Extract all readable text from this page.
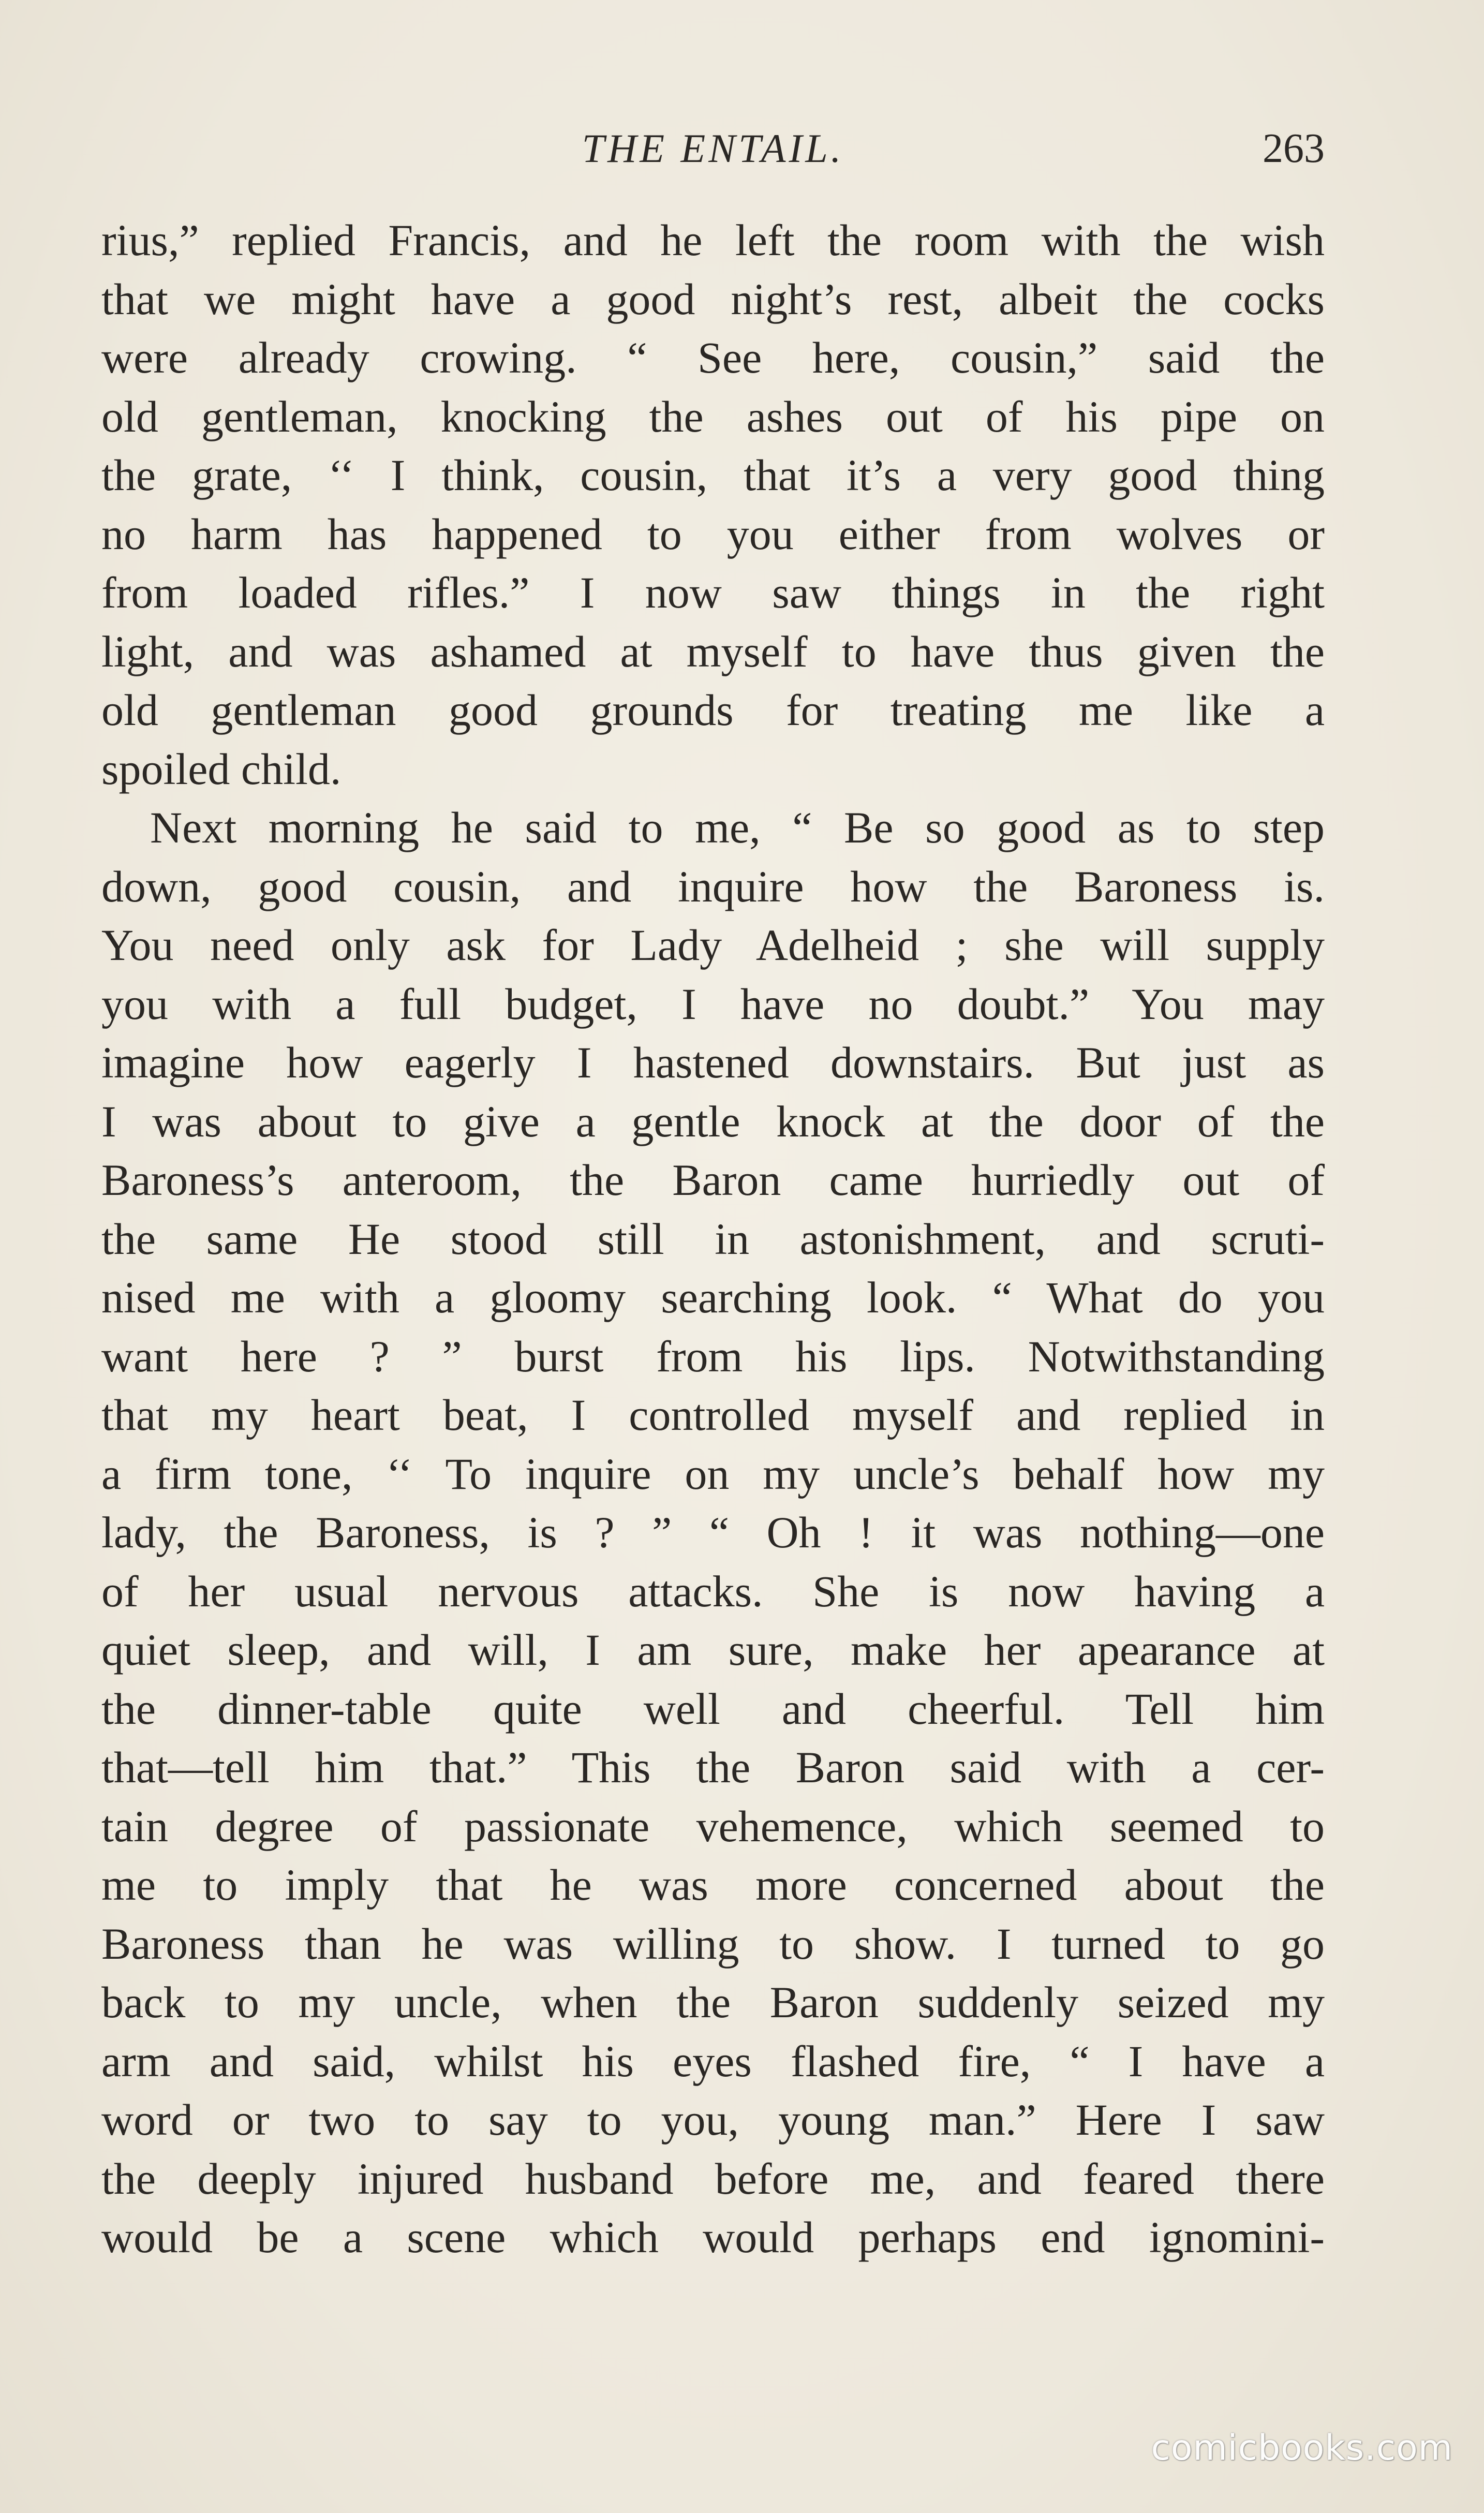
THE ENTAIL.	263
rius,” replied Francis, and he left the room with the wish
that we might have a good night’s rest, albeit the cocks
were already crowing. “ See here, cousin,” said the
old gentleman, knocking the ashes out of his pipe on
the grate, ‘‘ I think, cousin, that it’s a very good thing
no harm has happened to you either from wolves or
from loaded rifles.” I now saw things in the right
light, and was ashamed at myself to have thus given the
old gentleman good grounds for treating me like a
spoiled child.
Next morning he said to me, “ Be so good as to step
down, good cousin, and inquire how the Baroness is.
You need only ask for Lady Adelheid ; she will supply
you with a full budget, I have no doubt.” You may
imagine how eagerly I hastened downstairs. But just as
I was about to give a gentle knock at the door of the
Baroness’s anteroom, the Baron came hurriedly out of
the same He stood still in astonishment, and scruti-
nised me with a gloomy searching look. “ What do you
want here ? ” burst from his lips. Notwithstanding
that my heart beat, I controlled myself and replied in
a firm tone, ‘‘ To inquire on my uncle’s behalf how my
lady, the Baroness, is ? ” “ Oh ! it was nothing—one
of her usual nervous attacks. She is now having a
quiet sleep, and will, I am sure, make her apearance at
the dinner-table quite well and cheerful. Tell him
that—tell him that.” This the Baron said with a cer-
tain degree of passionate vehemence, which seemed to
me to imply that he was more concerned about the
Baroness than he was willing to show. I turned to go
back to my uncle, when the Baron suddenly seized my
arm and said, whilst his eyes flashed fire, “ I have a
word or two to say to you, young man.” Here I saw
the deeply injured husband before me, and feared there
would be a scene which would perhaps end ignomini-
comicbooks.com
